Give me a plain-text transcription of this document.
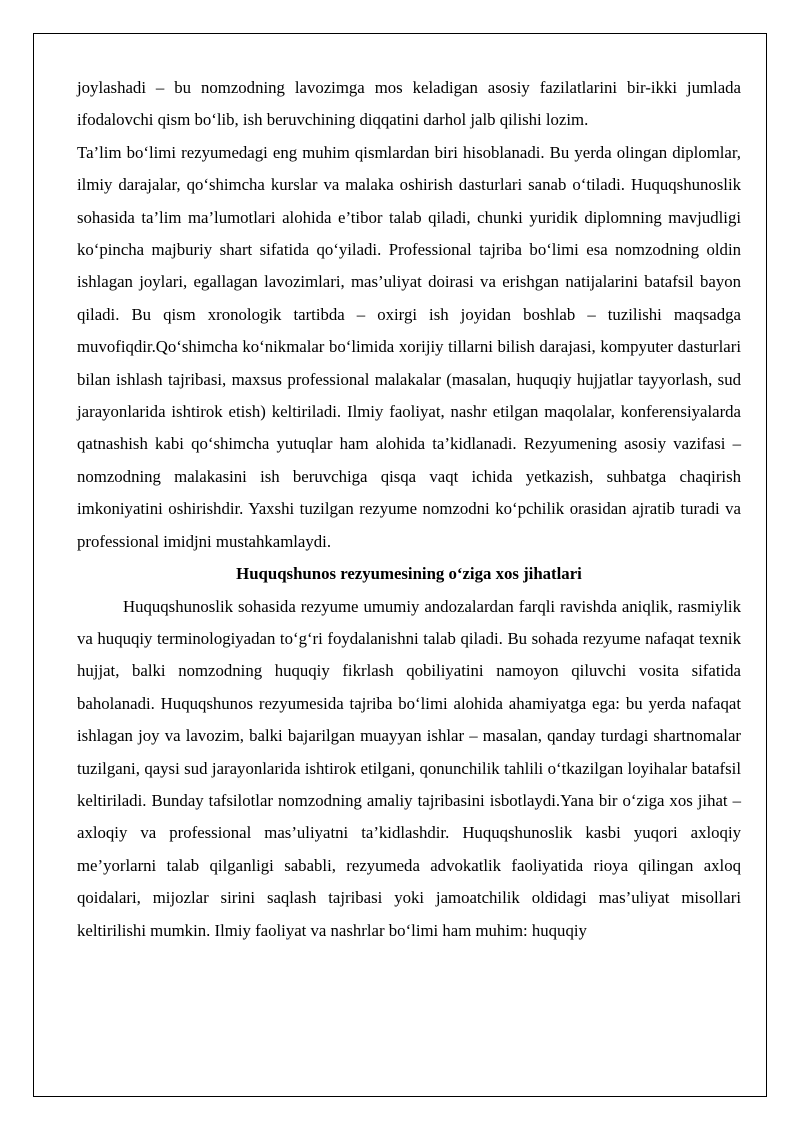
joylashadi – bu nomzodning lavozimga mos keladigan asosiy fazilatlarini bir-ikki jumlada ifodalovchi qism bo‘lib, ish beruvchining diqqatini darhol jalb qilishi lozim.

Ta’lim bo‘limi rezyumedagi eng muhim qismlardan biri hisoblanadi. Bu yerda olingan diplomlar, ilmiy darajalar, qo‘shimcha kurslar va malaka oshirish dasturlari sanab o‘tiladi. Huquqshunoslik sohasida ta’lim ma’lumotlari alohida e’tibor talab qiladi, chunki yuridik diplomning mavjudligi ko‘pincha majburiy shart sifatida qo‘yiladi. Professional tajriba bo‘limi esa nomzodning oldin ishlagan joylari, egallagan lavozimlari, mas’uliyat doirasi va erishgan natijalarini batafsil bayon qiladi. Bu qism xronologik tartibda – oxirgi ish joyidan boshlab – tuzilishi maqsadga muvofiqdir.Qo‘shimcha ko‘nikmalar bo‘limida xorijiy tillarni bilish darajasi, kompyuter dasturlari bilan ishlash tajribasi, maxsus professional malakalar (masalan, huquqiy hujjatlar tayyorlash, sud jarayonlarida ishtirok etish) keltiriladi. Ilmiy faoliyat, nashr etilgan maqolalar, konferensiyalarda qatnashish kabi qo‘shimcha yutuqlar ham alohida ta’kidlanadi. Rezyumening asosiy vazifasi – nomzodning malakasini ish beruvchiga qisqa vaqt ichida yetkazish, suhbatga chaqirish imkoniyatini oshirishdir. Yaxshi tuzilgan rezyume nomzodni ko‘pchilik orasidan ajratib turadi va professional imidjni mustahkamlaydi.

Huquqshunos rezyumesining o‘ziga xos jihatlari

Huquqshunoslik sohasida rezyume umumiy andozalardan farqli ravishda aniqlik, rasmiylik va huquqiy terminologiyadan to‘g‘ri foydalanishni talab qiladi. Bu sohada rezyume nafaqat texnik hujjat, balki nomzodning huquqiy fikrlash qobiliyatini namoyon qiluvchi vosita sifatida baholanadi. Huquqshunos rezyumesida tajriba bo‘limi alohida ahamiyatga ega: bu yerda nafaqat ishlagan joy va lavozim, balki bajarilgan muayyan ishlar – masalan, qanday turdagi shartnomalar tuzilgani, qaysi sud jarayonlarida ishtirok etilgani, qonunchilik tahlili o‘tkazilgan loyihalar batafsil keltiriladi. Bunday tafsilotlar nomzodning amaliy tajribasini isbotlaydi.Yana bir o‘ziga xos jihat – axloqiy va professional mas’uliyatni ta’kidlashdir. Huquqshunoslik kasbi yuqori axloqiy me’yorlarni talab qilganligi sababli, rezyumeda advokatlik faoliyatida rioya qilingan axloq qoidalari, mijozlar sirini saqlash tajribasi yoki jamoatchilik oldidagi mas’uliyat misollari keltirilishi mumkin. Ilmiy faoliyat va nashrlar bo‘limi ham muhim: huquqiy
